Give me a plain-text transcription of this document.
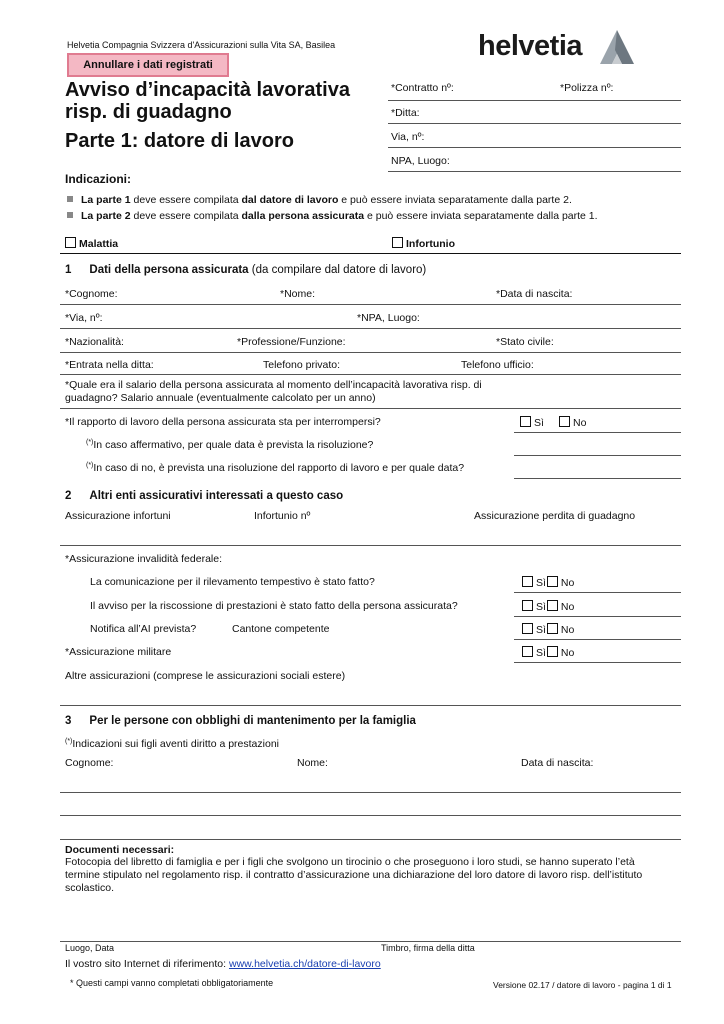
Helvetia Compagnia Svizzera d'Assicurazioni sulla Vita SA, Basilea
Annullare i dati registrati
helvetia
Avviso d’incapacità lavorativa
risp. di guadagno
Parte 1: datore di lavoro
*Contratto nº:	*Polizza nº:
*Ditta:
Via, nº:
NPA, Luogo:
Indicazioni:
La parte 1 deve essere compilata dal datore di lavoro e può essere inviata separatamente dalla parte 2.
La parte 2 deve essere compilata dalla persona assicurata e può essere inviata separatamente dalla parte 1.
Malattia	Infortunio
1 Dati della persona assicurata (da compilare dal datore di lavoro)
*Cognome:	*Nome:	*Data di nascita:
*Via, nº:	*NPA, Luogo:
*Nazionalità:	*Professione/Funzione:	*Stato civile:
*Entrata nella ditta:	Telefono privato:	Telefono ufficio:
*Quale era il salario della persona assicurata al momento dell’incapacità lavorativa risp. di
guadagno? Salario annuale (eventualmente calcolato per un anno)
*Il rapporto di lavoro della persona assicurata sta per interrompersi?	Sì	No
(*)In caso affermativo, per quale data è prevista la risoluzione?
(*)In caso di no, è prevista una risoluzione del rapporto di lavoro e per quale data?
2 Altri enti assicurativi interessati a questo caso
Assicurazione infortuni	Infortunio nº	Assicurazione perdita di guadagno
*Assicurazione invalidità federale:
La comunicazione per il rilevamento tempestivo è stato fatto?	Sì No
Il avviso per la riscossione di prestazioni è stato fatto della persona assicurata?	Sì No
Notifica all’AI prevista?	Cantone competente	Sì No
*Assicurazione militare	Sì No
Altre assicurazioni (comprese le assicurazioni sociali estere)
3 Per le persone con obblighi di mantenimento per la famiglia
(*)Indicazioni sui figli aventi diritto a prestazioni
Cognome:	Nome:	Data di nascita:
Documenti necessari:
Fotocopia del libretto di famiglia e per i figli che svolgono un tirocinio o che proseguono i loro studi, se hanno superato l’età
termine stipulato nel regolamento risp. il contratto d’assicurazione una dichiarazione del loro datore di lavoro risp. dell’istituto
scolastico.
Luogo, Data	Timbro, firma della ditta
Il vostro sito Internet di riferimento: www.helvetia.ch/datore-di-lavoro
* Questi campi vanno completati obbligatoriamente	Versione 02.17 / datore di lavoro - pagina 1 di 1
